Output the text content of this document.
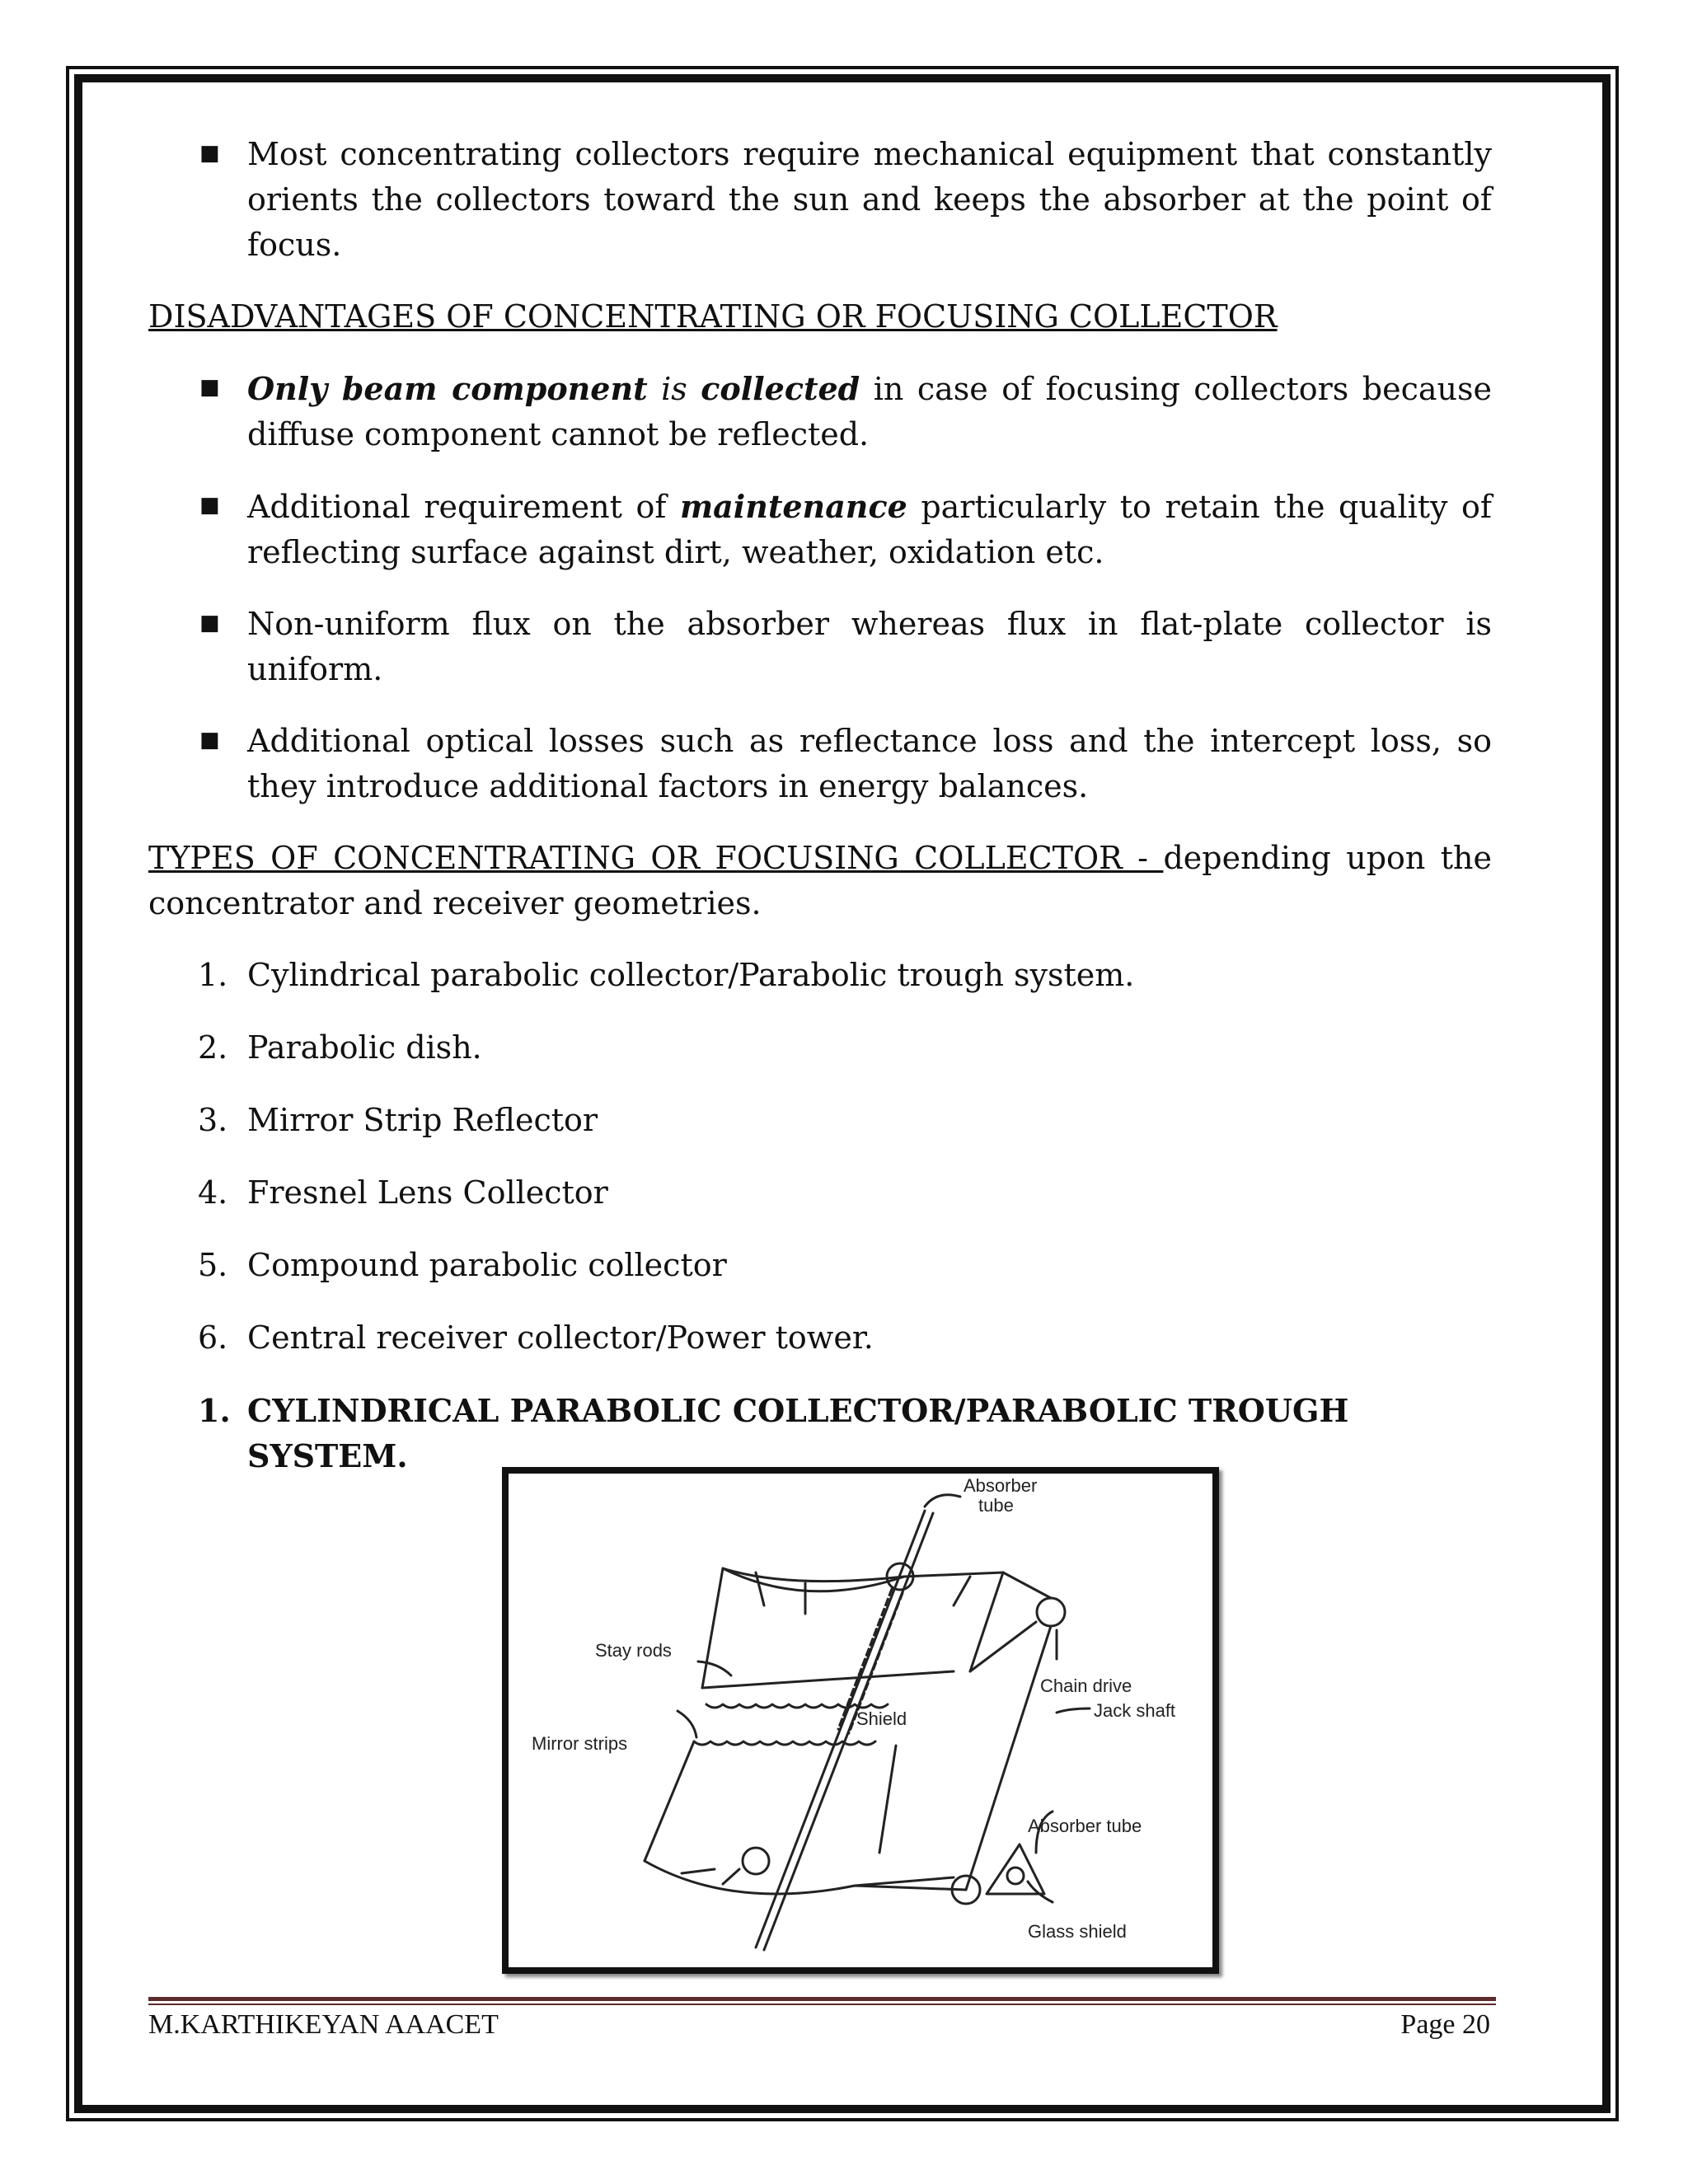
■ Most concentrating collectors require mechanical equipment that constantly orients the collectors toward the sun and keeps the absorber at the point of focus.

DISADVANTAGES OF CONCENTRATING OR FOCUSING COLLECTOR

■ Only beam component is collected in case of focusing collectors because diffuse component cannot be reflected.
■ Additional requirement of maintenance particularly to retain the quality of reflecting surface against dirt, weather, oxidation etc.
■ Non-uniform flux on the absorber whereas flux in flat-plate collector is uniform.
■ Additional optical losses such as reflectance loss and the intercept loss, so they introduce additional factors in energy balances.

TYPES OF CONCENTRATING OR FOCUSING COLLECTOR - depending upon the concentrator and receiver geometries.

1. Cylindrical parabolic collector/Parabolic trough system.
2. Parabolic dish.
3. Mirror Strip Reflector
4. Fresnel Lens Collector
5. Compound parabolic collector
6. Central receiver collector/Power tower.

1. CYLINDRICAL PARABOLIC COLLECTOR/PARABOLIC TROUGH SYSTEM.

Absorber
tube
Stay rods
Chain drive
Shield	Jack shaft
Mirror strips
Absorber tube
Glass shield
M.KARTHIKEYAN AAACET	Page 20
